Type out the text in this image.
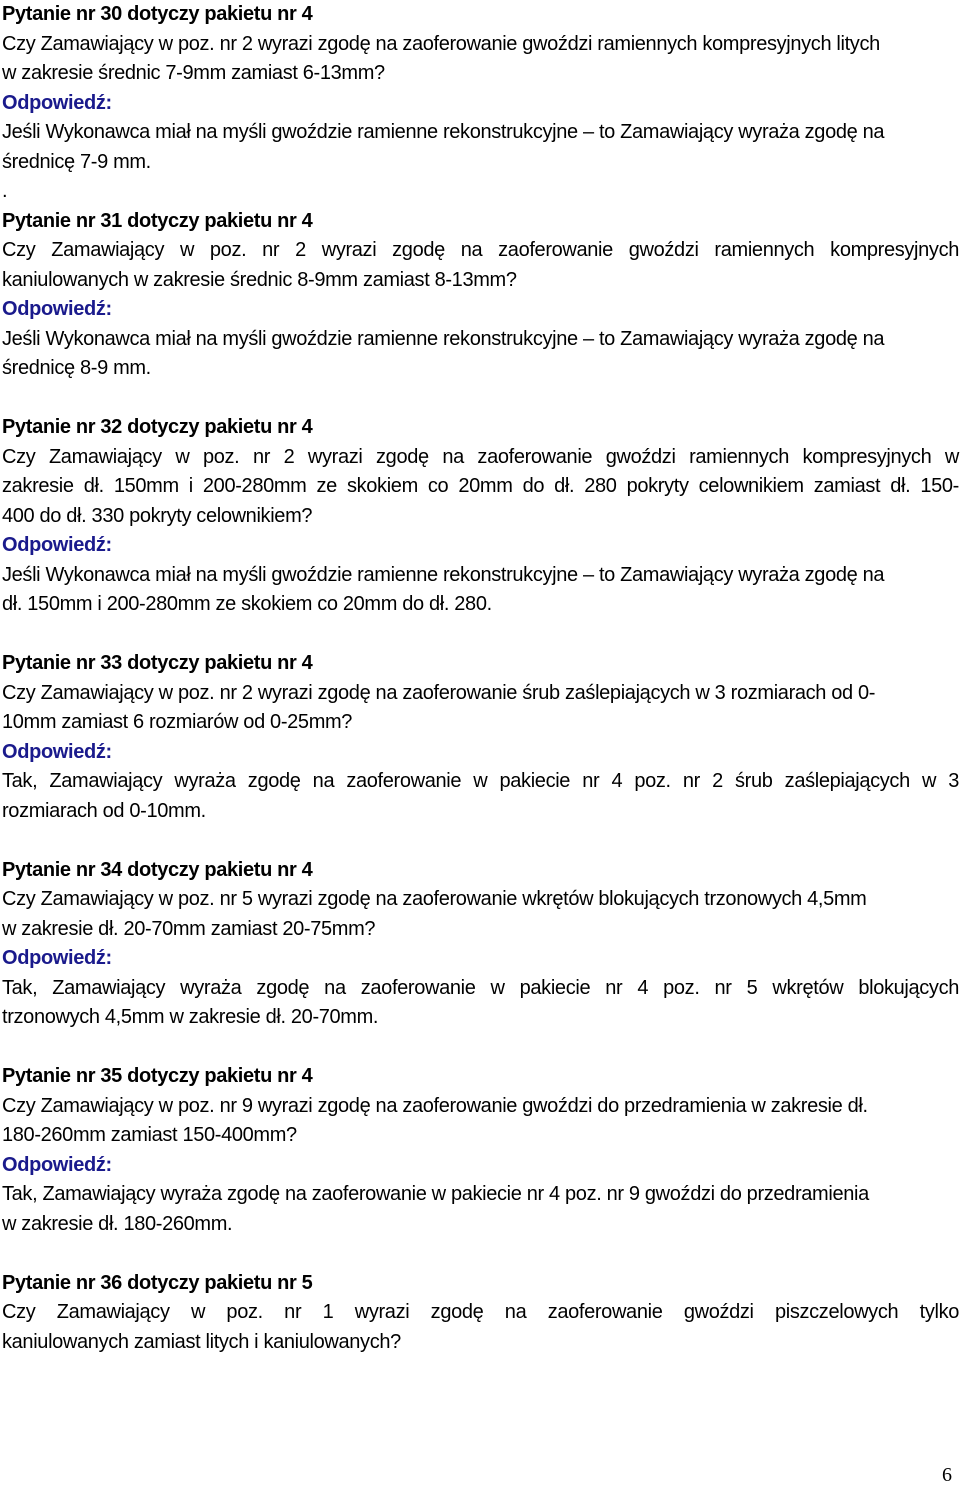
Pytanie nr 30 dotyczy pakietu nr 4
Czy Zamawiający w poz. nr 2 wyrazi zgodę na zaoferowanie gwoździ ramiennych kompresyjnych litych
w zakresie średnic 7-9mm zamiast 6-13mm?
Odpowiedź:
Jeśli Wykonawca miał na myśli gwoździe ramienne rekonstrukcyjne – to Zamawiający wyraża zgodę na
średnicę 7-9 mm.
.
Pytanie nr 31 dotyczy pakietu nr 4
Czy Zamawiający w poz. nr 2 wyrazi zgodę na zaoferowanie gwoździ ramiennych kompresyjnych
kaniulowanych w zakresie średnic 8-9mm zamiast 8-13mm?
Odpowiedź:
Jeśli Wykonawca miał na myśli gwoździe ramienne rekonstrukcyjne – to Zamawiający wyraża zgodę na
średnicę 8-9 mm.
Pytanie nr 32 dotyczy pakietu nr 4
Czy Zamawiający w poz. nr 2 wyrazi zgodę na zaoferowanie gwoździ ramiennych kompresyjnych w
zakresie dł. 150mm i 200-280mm ze skokiem co 20mm do dł. 280 pokryty celownikiem zamiast dł. 150-
400 do dł. 330 pokryty celownikiem?
Odpowiedź:
Jeśli Wykonawca miał na myśli gwoździe ramienne rekonstrukcyjne – to Zamawiający wyraża zgodę na
dł. 150mm i 200-280mm ze skokiem co 20mm do dł. 280.
Pytanie nr 33 dotyczy pakietu nr 4
Czy Zamawiający w poz. nr 2 wyrazi zgodę na zaoferowanie śrub zaślepiających w 3 rozmiarach od 0-
10mm zamiast 6 rozmiarów od 0-25mm?
Odpowiedź:
Tak, Zamawiający wyraża zgodę na zaoferowanie w pakiecie nr 4 poz. nr 2 śrub zaślepiających w 3
rozmiarach od 0-10mm.
Pytanie nr 34 dotyczy pakietu nr 4
Czy Zamawiający w poz. nr 5 wyrazi zgodę na zaoferowanie wkrętów blokujących trzonowych 4,5mm
w zakresie dł. 20-70mm zamiast 20-75mm?
Odpowiedź:
Tak, Zamawiający wyraża zgodę na zaoferowanie w pakiecie nr 4 poz. nr 5 wkrętów blokujących
trzonowych 4,5mm w zakresie dł. 20-70mm.
Pytanie nr 35 dotyczy pakietu nr 4
Czy Zamawiający w poz. nr 9 wyrazi zgodę na zaoferowanie gwoździ do przedramienia w zakresie dł.
180-260mm zamiast 150-400mm?
Odpowiedź:
Tak, Zamawiający wyraża zgodę na zaoferowanie w pakiecie nr 4 poz. nr 9 gwoździ do przedramienia
w zakresie dł. 180-260mm.
Pytanie nr 36 dotyczy pakietu nr 5
Czy Zamawiający w poz. nr 1 wyrazi zgodę na zaoferowanie gwoździ piszczelowych tylko
kaniulowanych zamiast litych i kaniulowanych?
6
